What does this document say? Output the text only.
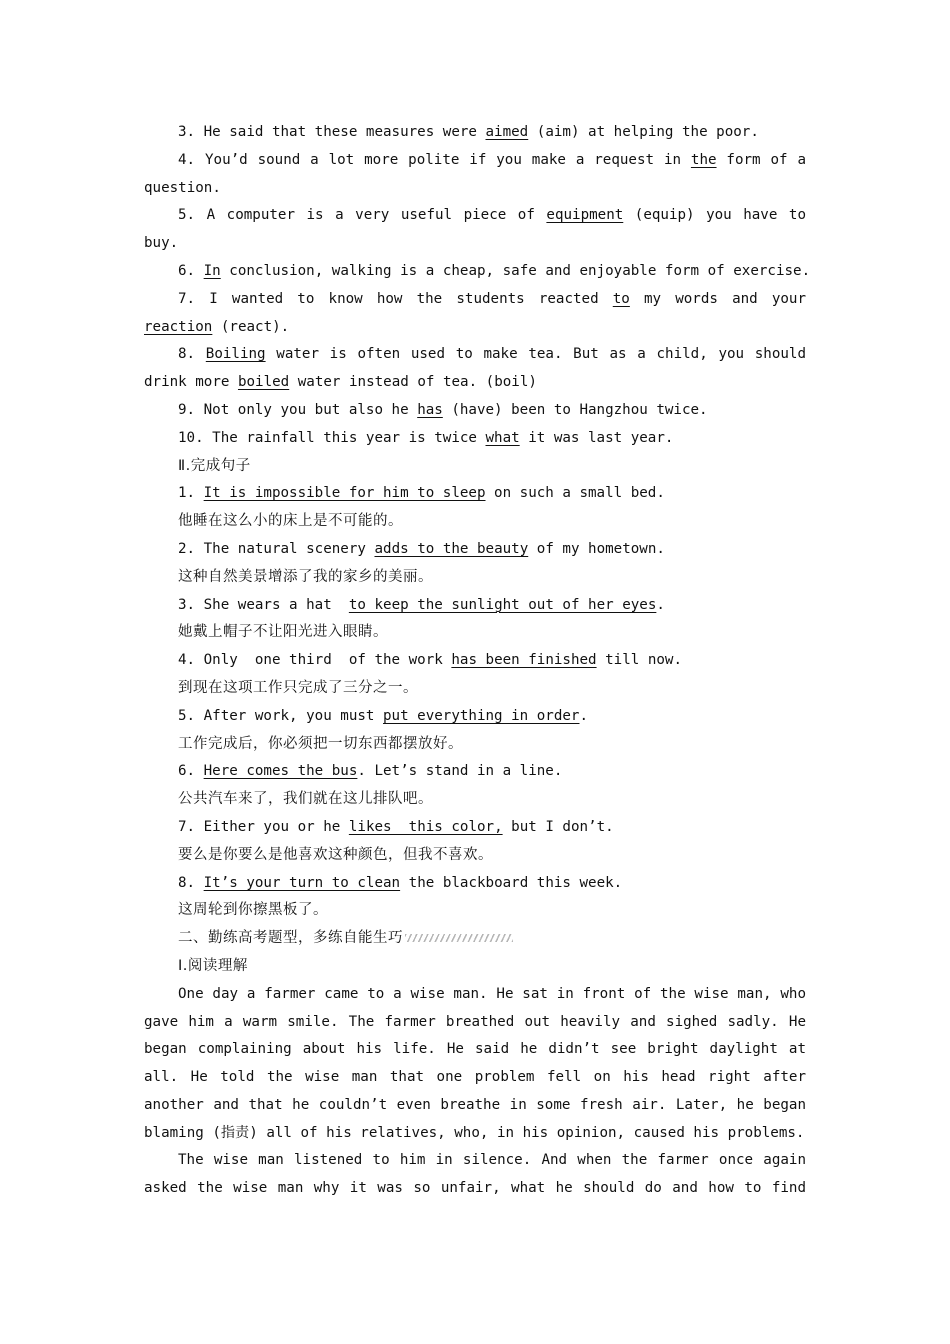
3. He said that these measures were aimed (aim) at helping the poor.
4. You’d sound a lot more polite if you make a request in the form of a
question.
5. A computer is a very useful piece of equipment (equip) you have to
buy.
6. In conclusion, walking is a cheap, safe and enjoyable form of exercise.
7. I wanted to know how the students reacted to my words and your
reaction (react).
8. Boiling water is often used to make tea. But as a child, you should
drink more boiled water instead of tea. (boil)
9. Not only you but also he has (have) been to Hangzhou twice.
10. The rainfall this year is twice what it was last year.
Ⅱ.完成句子
1. It is impossible for him to sleep on such a small bed.
他睡在这么小的床上是不可能的。
2. The natural scenery adds to the beauty of my hometown.
这种自然美景增添了我的家乡的美丽。
3. She wears a hat  to keep the sunlight out of her eyes.
她戴上帽子不让阳光进入眼睛。
4. Only  one third  of the work has been finished till now.
到现在这项工作只完成了三分之一。
5. After work, you must put everything in order.
工作完成后，你必须把一切东西都摆放好。
6. Here comes the bus. Let’s stand in a line.
公共汽车来了，我们就在这儿排队吧。
7. Either you or he likes  this color, but I don’t.
要么是你要么是他喜欢这种颜色，但我不喜欢。
8. It’s your turn to clean the blackboard this week.
这周轮到你擦黑板了。
二、勤练高考题型，多练自能生巧
Ⅰ.阅读理解
One day a farmer came to a wise man. He sat in front of the wise man, who
gave him a warm smile. The farmer breathed out heavily and sighed sadly. He
began complaining about his life. He said he didn’t see bright daylight at
all. He told the wise man that one problem fell on his head right after
another and that he couldn’t even breathe in some fresh air. Later, he began
blaming (指责) all of his relatives, who, in his opinion, caused his problems.
The wise man listened to him in silence. And when the farmer once again
asked the wise man why it was so unfair, what he should do and how to find
